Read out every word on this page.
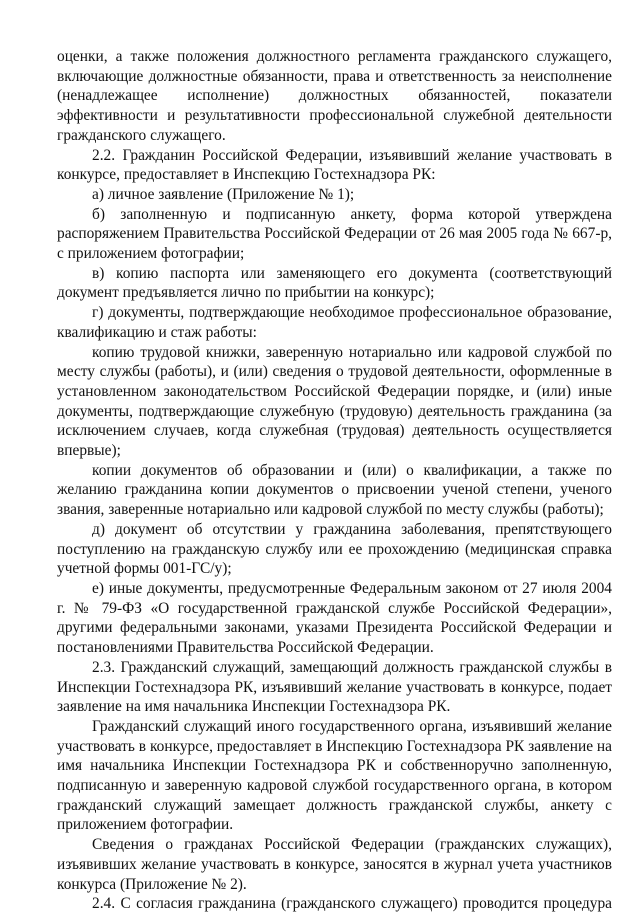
оценки, а также положения должностного регламента гражданского служащего, включающие должностные обязанности, права и ответственность за неисполнение (ненадлежащее исполнение) должностных обязанностей, показатели эффективности и результативности профессиональной служебной деятельности гражданского служащего.

2.2. Гражданин Российской Федерации, изъявивший желание участвовать в конкурсе, предоставляет в Инспекцию Гостехнадзора РК:

а) личное заявление (Приложение № 1);

б) заполненную и подписанную анкету, форма которой утверждена распоряжением Правительства Российской Федерации от 26 мая 2005 года № 667-р, с приложением фотографии;

в) копию паспорта или заменяющего его документа (соответствующий документ предъявляется лично по прибытии на конкурс);

г) документы, подтверждающие необходимое профессиональное образование, квалификацию и стаж работы:

копию трудовой книжки, заверенную нотариально или кадровой службой по месту службы (работы), и (или) сведения о трудовой деятельности, оформленные в установленном законодательством Российской Федерации порядке, и (или) иные документы, подтверждающие служебную (трудовую) деятельность гражданина (за исключением случаев, когда служебная (трудовая) деятельность осуществляется впервые);

копии документов об образовании и (или) о квалификации, а также по желанию гражданина копии документов о присвоении ученой степени, ученого звания, заверенные нотариально или кадровой службой по месту службы (работы);

д) документ об отсутствии у гражданина заболевания, препятствующего поступлению на гражданскую службу или ее прохождению (медицинская справка учетной формы 001-ГС/у);

е) иные документы, предусмотренные Федеральным законом от 27 июля 2004 г. № 79-ФЗ «О государственной гражданской службе Российской Федерации», другими федеральными законами, указами Президента Российской Федерации и постановлениями Правительства Российской Федерации.

2.3. Гражданский служащий, замещающий должность гражданской службы в Инспекции Гостехнадзора РК, изъявивший желание участвовать в конкурсе, подает заявление на имя начальника Инспекции Гостехнадзора РК.

Гражданский служащий иного государственного органа, изъявивший желание участвовать в конкурсе, предоставляет в Инспекцию Гостехнадзора РК заявление на имя начальника Инспекции Гостехнадзора РК и собственноручно заполненную, подписанную и заверенную кадровой службой государственного органа, в котором гражданский служащий замещает должность гражданской службы, анкету с приложением фотографии.

Сведения о гражданах Российской Федерации (гражданских служащих), изъявивших желание участвовать в конкурсе, заносятся в журнал учета участников конкурса (Приложение № 2).

2.4. С согласия гражданина (гражданского служащего) проводится процедура
